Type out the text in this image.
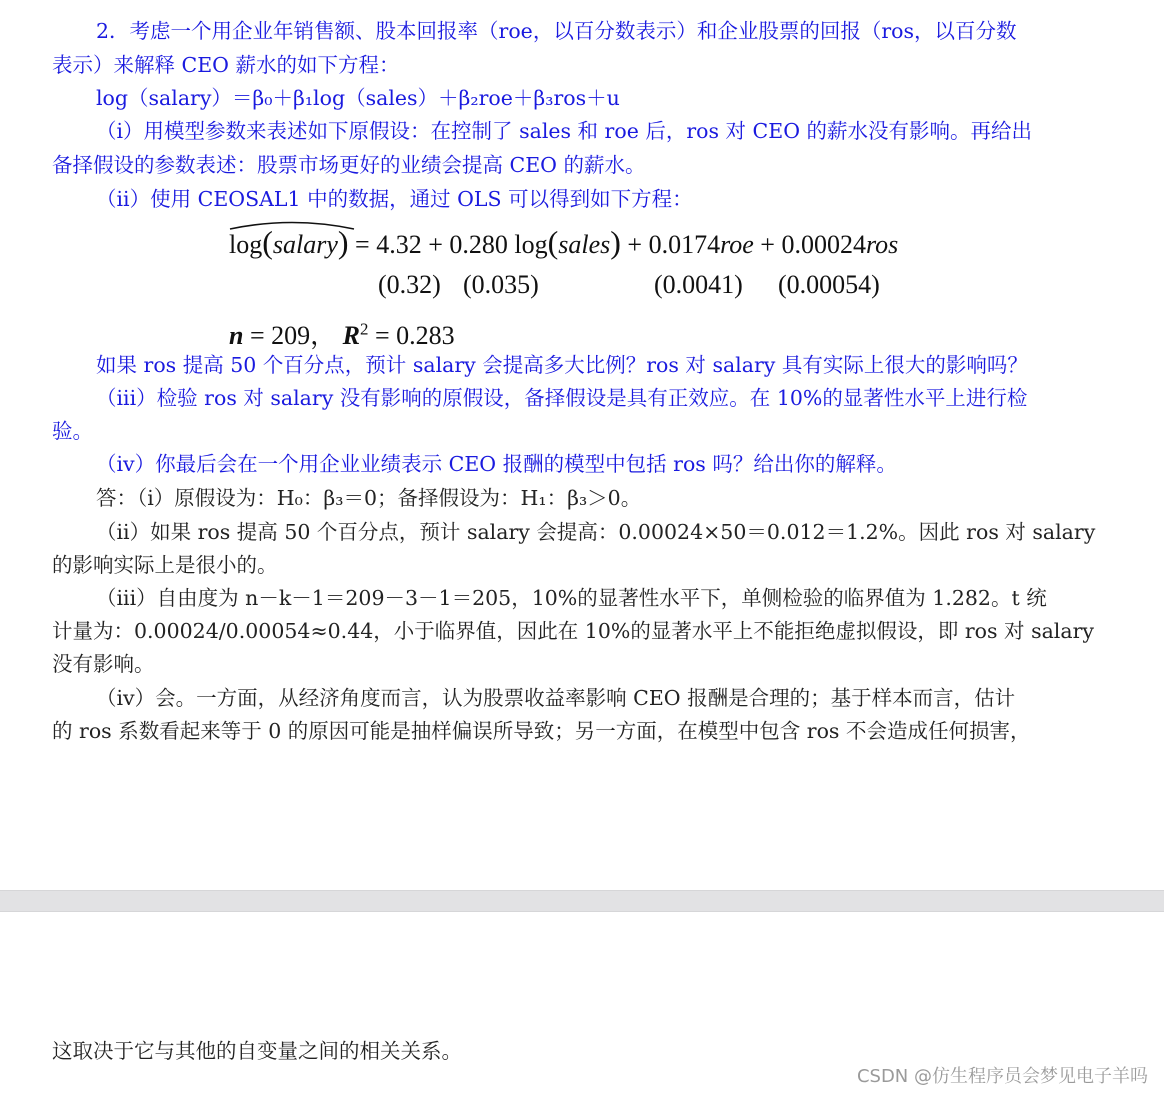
2．考虑一个用企业年销售额、股本回报率（roe，以百分数表示）和企业股票的回报（ros，以百分数
表示）来解释 CEO 薪水的如下方程：
log（salary）＝β₀＋β₁log（sales）＋β₂roe＋β₃ros＋u
（i）用模型参数来表述如下原假设：在控制了 sales 和 roe 后，ros 对 CEO 的薪水没有影响。再给出
备择假设的参数表述：股票市场更好的业绩会提高 CEO 的薪水。
（ii）使用 CEOSAL1 中的数据，通过 OLS 可以得到如下方程：
log(salary) = 4.32 + 0.280 log(sales) + 0.0174roe + 0.00024ros
(0.32) (0.035)	(0.0041) (0.00054)
n = 209， $R^2 = 0.283$
如果 ros 提高 50 个百分点，预计 salary 会提高多大比例？ros 对 salary 具有实际上很大的影响吗？
（iii）检验 ros 对 salary 没有影响的原假设，备择假设是具有正效应。在 10%的显著性水平上进行检
验。
（iv）你最后会在一个用企业业绩表示 CEO 报酬的模型中包括 ros 吗？给出你的解释。
答：（i）原假设为：H₀：β₃＝0；备择假设为：H₁：β₃＞0。
（ii）如果 ros 提高 50 个百分点，预计 salary 会提高：0.00024×50＝0.012＝1.2%。因此 ros 对 salary
的影响实际上是很小的。
（iii）自由度为 n－k－1＝209－3－1＝205，10%的显著性水平下，单侧检验的临界值为 1.282。t 统
计量为：0.00024/0.00054≈0.44，小于临界值，因此在 10%的显著水平上不能拒绝虚拟假设，即 ros 对 salary
没有影响。
（iv）会。一方面，从经济角度而言，认为股票收益率影响 CEO 报酬是合理的；基于样本而言，估计
的 ros 系数看起来等于 0 的原因可能是抽样偏误所导致；另一方面，在模型中包含 ros 不会造成任何损害，
这取决于它与其他的自变量之间的相关关系。
CSDN @仿生程序员会梦见电子羊吗
